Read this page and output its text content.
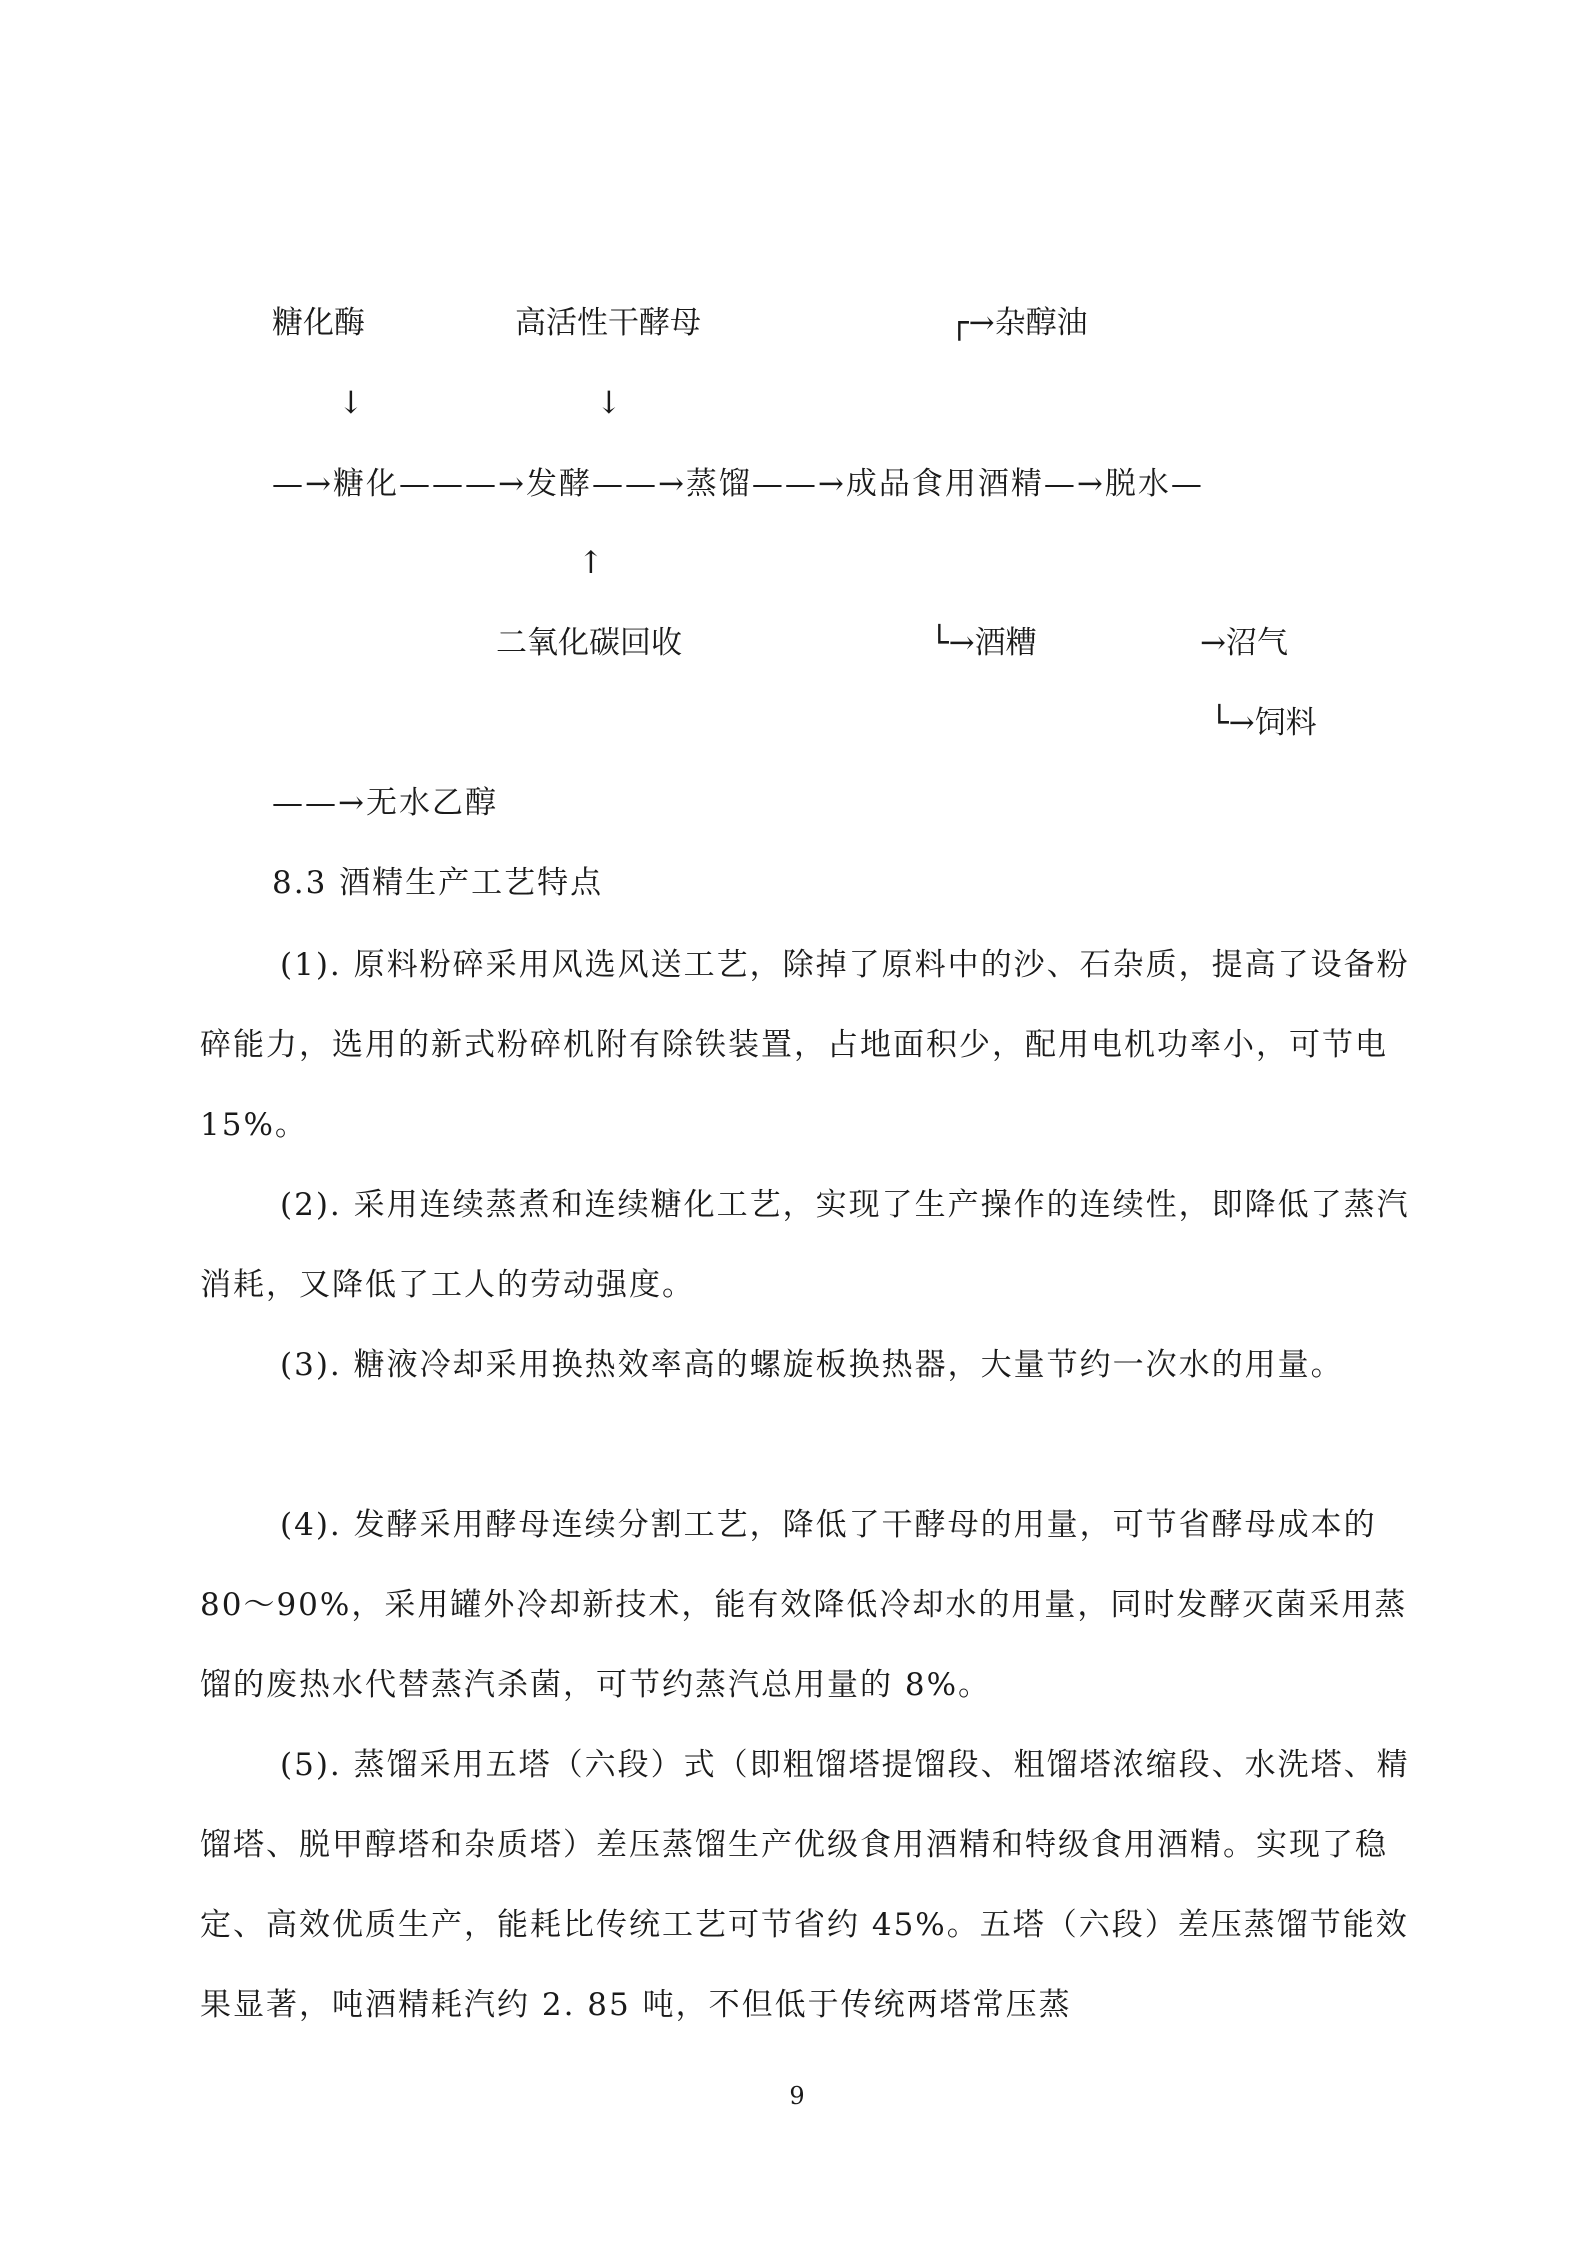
糖化酶	高活性干酵母	┌→杂醇油
↓	↓
—→糖化———→发酵——→蒸馏——→成品食用酒精—→脱水—
↑
二氧化碳回收	└→酒糟	→沼气
└→饲料
——→无水乙醇
8.3 酒精生产工艺特点
(1). 原料粉碎采用风选风送工艺，除掉了原料中的沙、石杂质，提高了设备粉碎能力，选用的新式粉碎机附有除铁装置，占地面积少，配用电机功率小，可节电 15%。
(2). 采用连续蒸煮和连续糖化工艺，实现了生产操作的连续性，即降低了蒸汽消耗，又降低了工人的劳动强度。
(3). 糖液冷却采用换热效率高的螺旋板换热器，大量节约一次水的用量。
(4). 发酵采用酵母连续分割工艺，降低了干酵母的用量，可节省酵母成本的 80～90%，采用罐外冷却新技术，能有效降低冷却水的用量，同时发酵灭菌采用蒸馏的废热水代替蒸汽杀菌，可节约蒸汽总用量的 8%。
(5). 蒸馏采用五塔（六段）式（即粗馏塔提馏段、粗馏塔浓缩段、水洗塔、精馏塔、脱甲醇塔和杂质塔）差压蒸馏生产优级食用酒精和特级食用酒精。实现了稳定、高效优质生产，能耗比传统工艺可节省约 45%。五塔（六段）差压蒸馏节能效果显著，吨酒精耗汽约 2. 85 吨，不但低于传统两塔常压蒸
9
